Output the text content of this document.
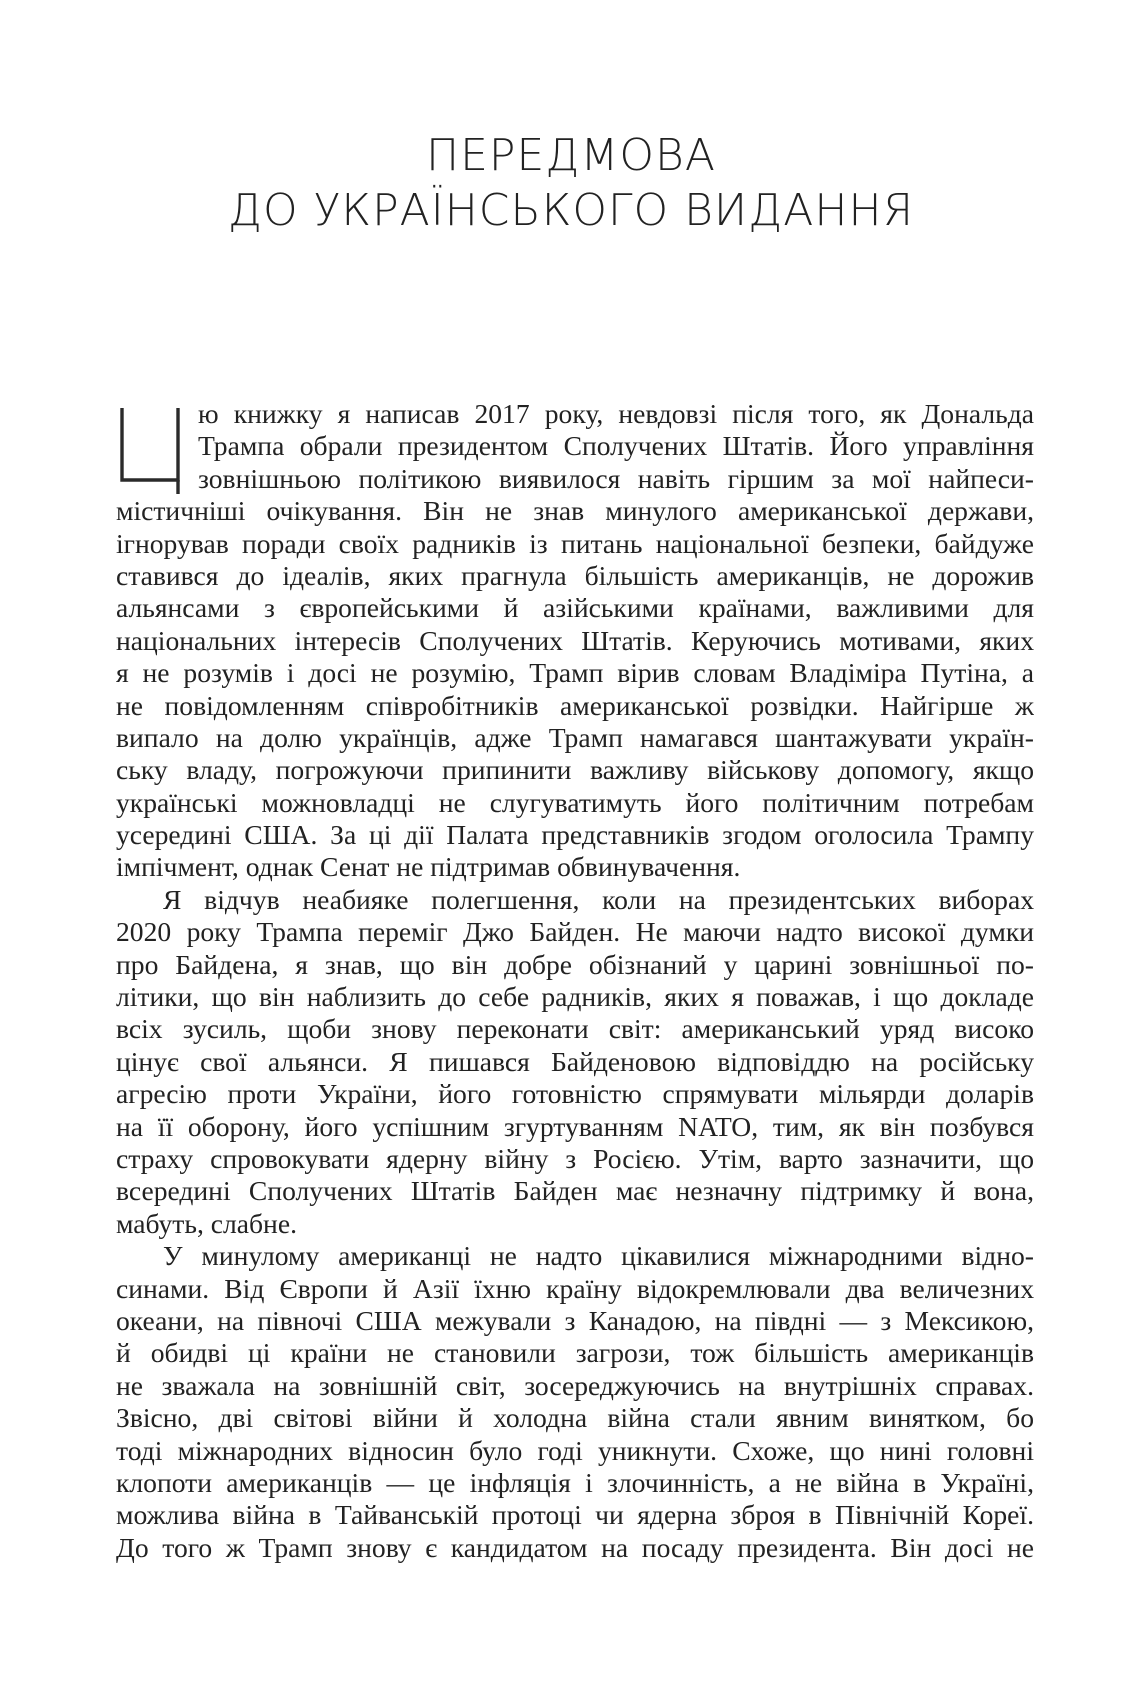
ПЕРЕДМОВА
ДО УКРАЇНСЬКОГО ВИДАННЯ
ю книжку я написав 2017 року, невдовзі після того, як Дональда
Трампа обрали президентом Сполучених Штатів. Його управління
зовнішньою політикою виявилося навіть гіршим за мої найпеси-
містичніші очікування. Він не знав минулого американської держави,
ігнорував поради своїх радників із питань національної безпеки, байдуже
ставився до ідеалів, яких прагнула більшість американців, не дорожив
альянсами з європейськими й азійськими країнами, важливими для
національних інтересів Сполучених Штатів. Керуючись мотивами, яких
я не розумів і досі не розумію, Трамп вірив словам Владіміра Путіна, а
не повідомленням співробітників американської розвідки. Найгірше ж
випало на долю українців, адже Трамп намагався шантажувати україн-
ську владу, погрожуючи припинити важливу військову допомогу, якщо
українські можновладці не слугуватимуть його політичним потребам
усередині США. За ці дії Палата представників згодом оголосила Трампу
імпічмент, однак Сенат не підтримав обвинувачення.
Я відчув неабияке полегшення, коли на президентських виборах
2020 року Трампа переміг Джо Байден. Не маючи надто високої думки
про Байдена, я знав, що він добре обізнаний у царині зовнішньої по-
літики, що він наблизить до себе радників, яких я поважав, і що докладе
всіх зусиль, щоби знову переконати світ: американський уряд високо
цінує свої альянси. Я пишався Байденовою відповіддю на російську
агресію проти України, його готовністю спрямувати мільярди доларів
на її оборону, його успішним згуртуванням NATO, тим, як він позбувся
страху спровокувати ядерну війну з Росією. Утім, варто зазначити, що
всередині Сполучених Штатів Байден має незначну підтримку й вона,
мабуть, слабне.
У минулому американці не надто цікавилися міжнародними відно-
синами. Від Європи й Азії їхню країну відокремлювали два величезних
океани, на півночі США межували з Канадою, на півдні — з Мексикою,
й обидві ці країни не становили загрози, тож більшість американців
не зважала на зовнішній світ, зосереджуючись на внутрішніх справах.
Звісно, дві світові війни й холодна війна стали явним винятком, бо
тоді міжнародних відносин було годі уникнути. Схоже, що нині головні
клопоти американців — це інфляція і злочинність, а не війна в Україні,
можлива війна в Тайванській протоці чи ядерна зброя в Північній Кореї.
До того ж Трамп знову є кандидатом на посаду президента. Він досі не
